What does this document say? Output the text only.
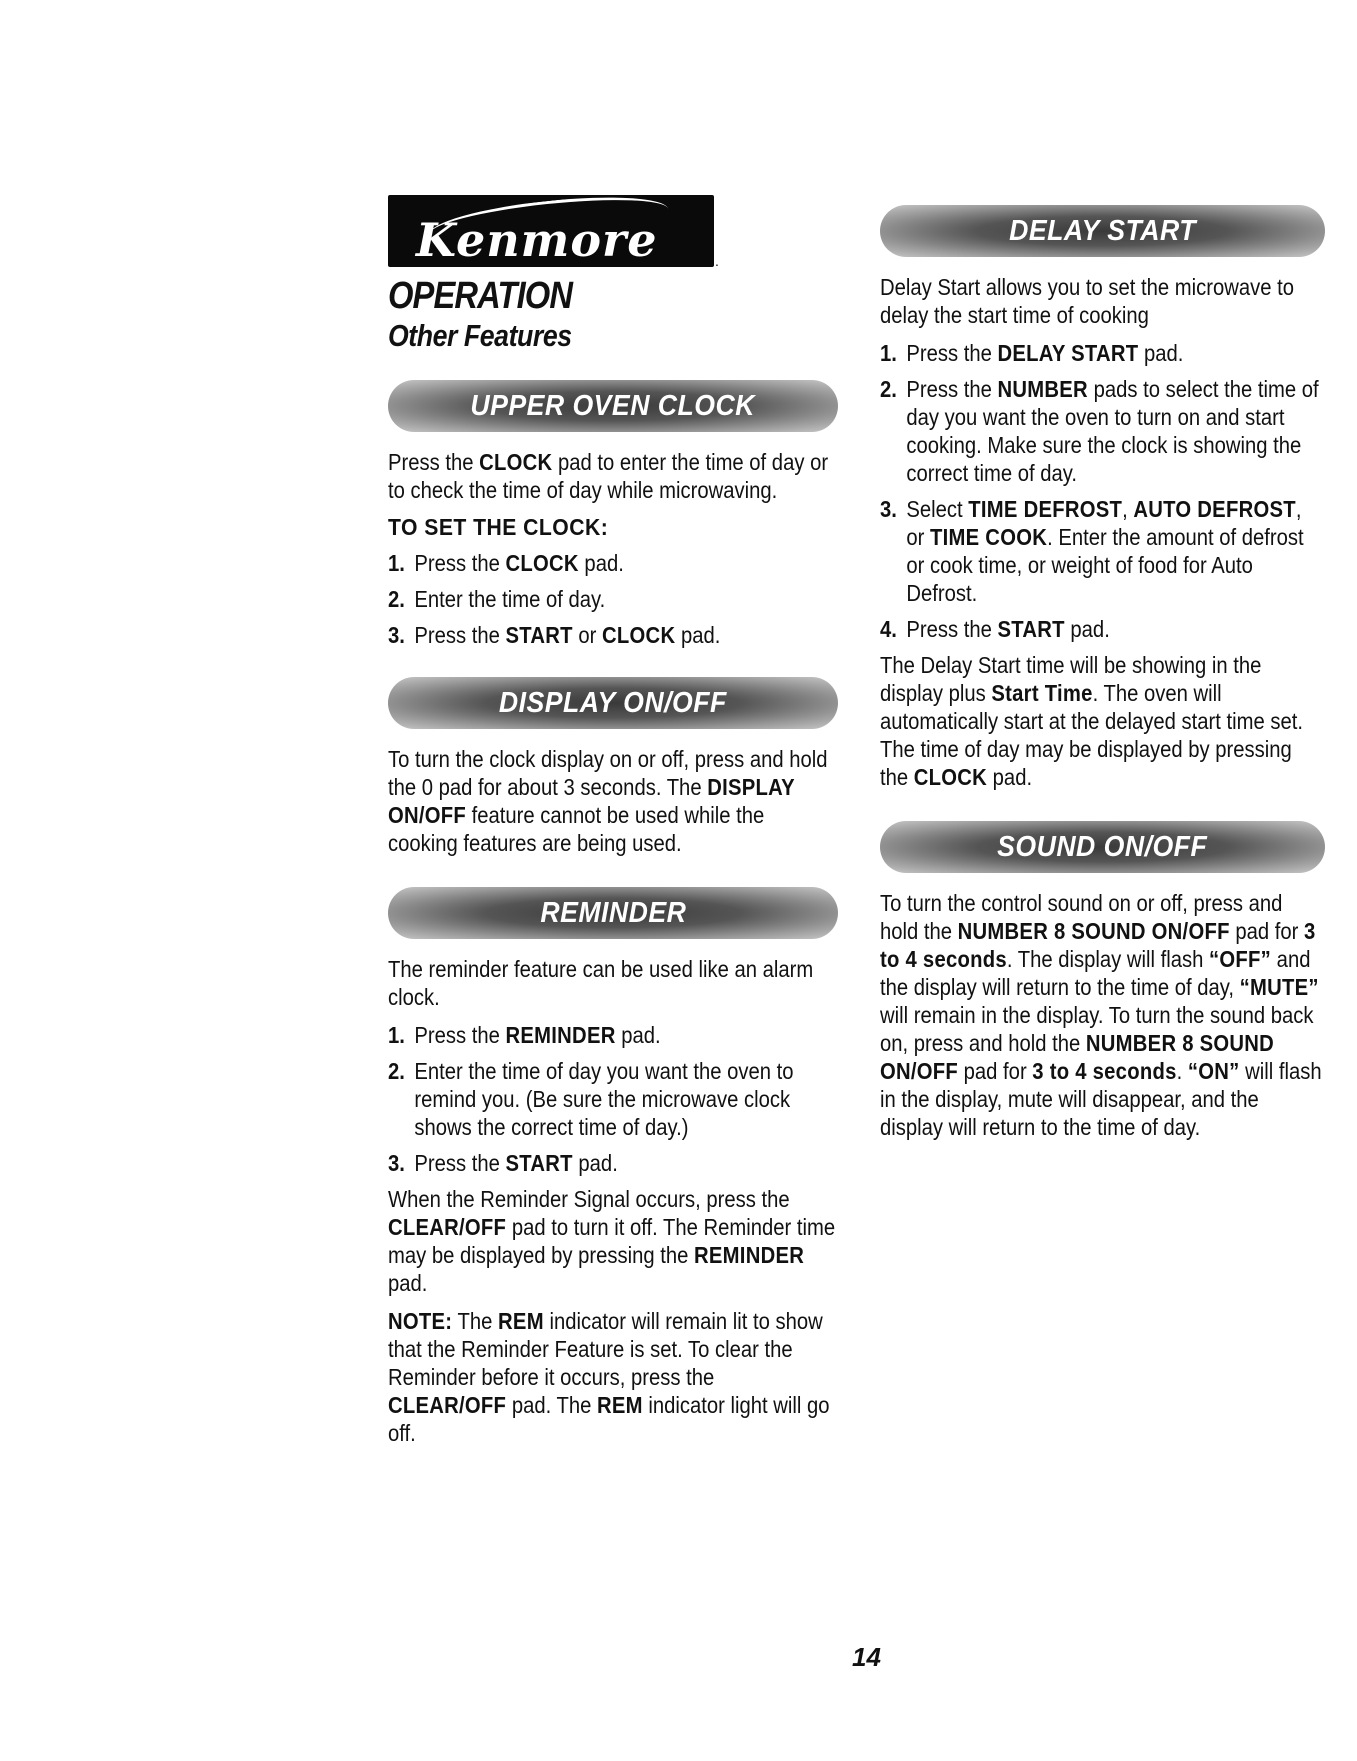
Kenmore	.
OPERATION
Other Features
UPPER OVEN CLOCK

Press the CLOCK pad to enter the time of day or to check the time of day while microwaving.

TO SET THE CLOCK:
1. Press the CLOCK pad.
2. Enter the time of day.
3. Press the START or CLOCK pad.
DISPLAY ON/OFF

To turn the clock display on or off, press and hold the 0 pad for about 3 seconds. The DISPLAY ON/OFF feature cannot be used while the cooking features are being used.

REMINDER

The reminder feature can be used like an alarm clock.

1. Press the REMINDER pad.
2. Enter the time of day you want the oven to remind you. (Be sure the microwave clock shows the correct time of day.)
3. Press the START pad.

When the Reminder Signal occurs, press the CLEAR/OFF pad to turn it off. The Reminder time may be displayed by pressing the REMINDER pad.

NOTE: The REM indicator will remain lit to show that the Reminder Feature is set. To clear the Reminder before it occurs, press the CLEAR/OFF pad. The REM indicator light will go off.

DELAY START

Delay Start allows you to set the microwave to delay the start time of cooking

1. Press the DELAY START pad.
2. Press the NUMBER pads to select the time of day you want the oven to turn on and start cooking. Make sure the clock is showing the correct time of day.
3. Select TIME DEFROST, AUTO DEFROST, or TIME COOK. Enter the amount of defrost or cook time, or weight of food for Auto Defrost.
4. Press the START pad.

The Delay Start time will be showing in the display plus Start Time. The oven will automatically start at the delayed start time set. The time of day may be displayed by pressing the CLOCK pad.

SOUND ON/OFF

To turn the control sound on or off, press and hold the NUMBER 8 SOUND ON/OFF pad for 3 to 4 seconds. The display will flash “OFF” and the display will return to the time of day, “MUTE” will remain in the display. To turn the sound back on, press and hold the NUMBER 8 SOUND ON/OFF pad for 3 to 4 seconds. “ON” will flash in the display, mute will disappear, and the display will return to the time of day.

14
